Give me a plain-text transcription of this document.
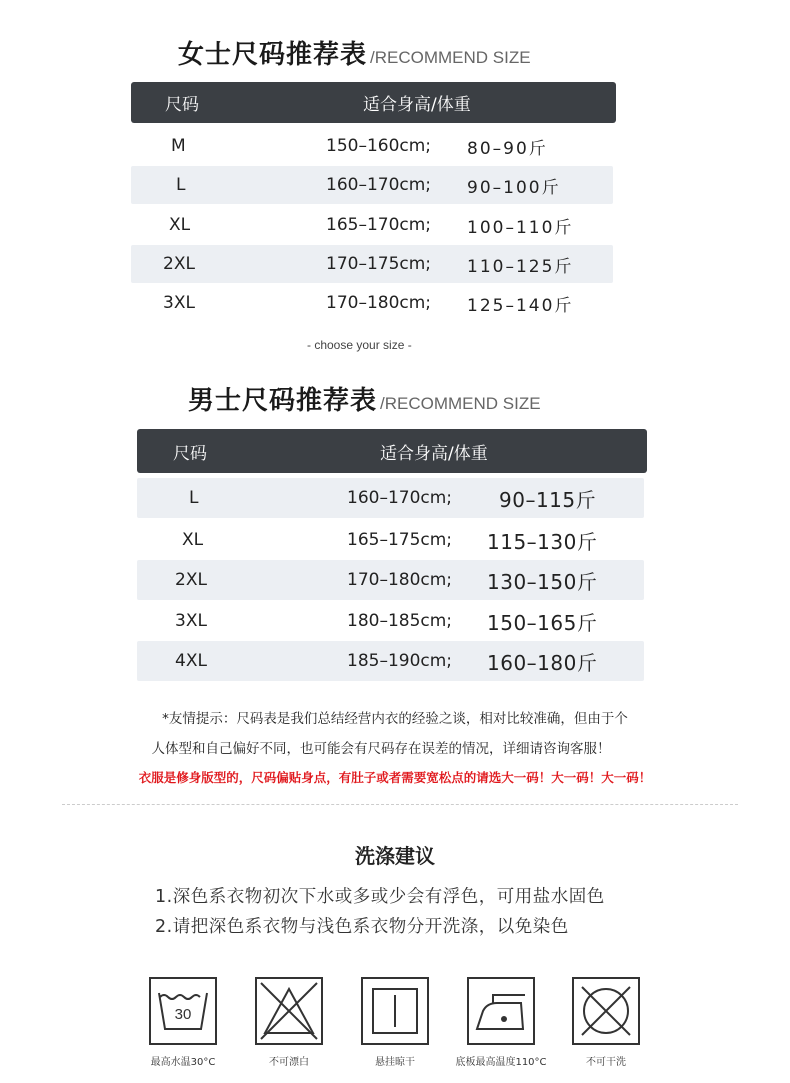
女士尺码推荐表 /RECOMMEND SIZE
尺码	适合身高/体重
M	150–160cm; 80–90斤
L	160–170cm; 90–100斤
XL	165–170cm; 100–110斤
2XL	170–175cm; 110–125斤
3XL	170–180cm; 125–140斤
- choose your size -
男士尺码推荐表 /RECOMMEND SIZE
尺码	适合身高/体重
L	160–170cm; 90–115斤
XL	165–175cm; 115–130斤
2XL	170–180cm; 130–150斤
3XL	180–185cm; 150–165斤
4XL	185–190cm; 160–180斤
*友情提示：尺码表是我们总结经营内衣的经验之谈，相对比较准确，但由于个
人体型和自己偏好不同，也可能会有尺码存在误差的情况，详细请咨询客服！
衣服是修身版型的，尺码偏贴身点，有肚子或者需要宽松点的请选大一码！大一码！大一码！
洗涤建议
1.深色系衣物初次下水或多或少会有浮色，可用盐水固色
2.请把深色系衣物与浅色系衣物分开洗涤，以免染色
30
最高水温30°C	不可漂白	悬挂晾干	底板最高温度110°C	不可干洗
